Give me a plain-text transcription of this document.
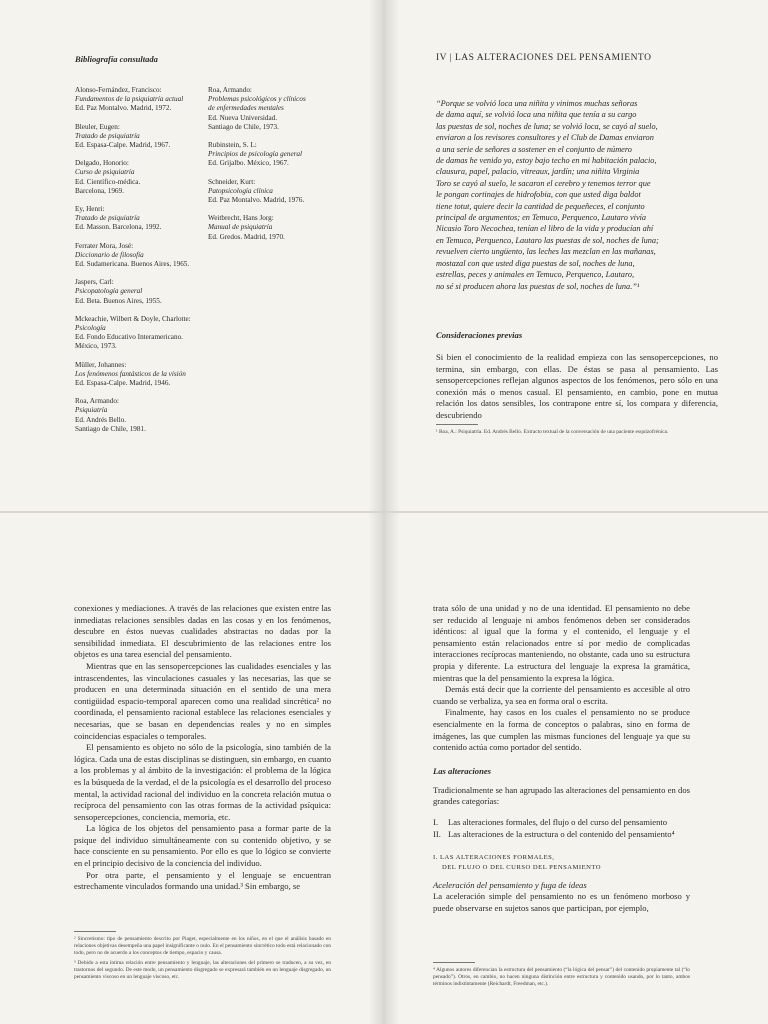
Bibliografía consultada
Alonso-Fernández, Francisco:
Fundamentos de la psiquiatría actual
Ed. Paz Montalvo. Madrid, 1972.
Bleuler, Eugen:
Tratado de psiquiatría
Ed. Espasa-Calpe. Madrid, 1967.
Delgado, Honorio:
Curso de psiquiatría
Ed. Científico-médica.
Barcelona, 1969.
Ey, Henri:
Tratado de psiquiatría
Ed. Masson. Barcelona, 1992.
Ferrater Mora, José:
Diccionario de filosofía
Ed. Sudamericana. Buenos Aires, 1965.
Jaspers, Carl:
Psicopatología general
Ed. Beta. Buenos Aires, 1955.
Mckeachie, Wilbert & Doyle, Charlotte:
Psicología
Ed. Fondo Educativo Interamericano.
México, 1973.
Müller, Johannes:
Los fenómenos fantásticos de la visión
Ed. Espasa-Calpe. Madrid, 1946.
Roa, Armando:
Psiquiatría
Ed. Andrés Bello.
Santiago de Chile, 1981.
Roa, Armando:
Problemas psicológicos y clínicos
de enfermedades mentales
Ed. Nueva Universidad.
Santiago de Chile, 1973.
Rubinstein, S. L:
Principios de psicología general
Ed. Grijalbo. México, 1967.
Schneider, Kurt:
Patopsicología clínica
Ed. Paz Montalvo. Madrid, 1976.
Weitbrecht, Hans Jorg:
Manual de psiquiatría
Ed. Gredos. Madrid, 1970.
IV | LAS ALTERACIONES DEL PENSAMIENTO
“Porque se volvió loca una niñita y vinimos muchas señoras
de dama aquí, se volvió loca una niñita que tenía a su cargo
las puestas de sol, noches de luna; se volvió loca, se cayó al suelo,
enviaron a los revisores consultores y el Club de Damas enviaron
a una serie de señores a sostener en el conjunto de número
de damas he venido yo, estoy bajo techo en mi habitación palacio,
clausura, papel, palacio, vitreaux, jardín; una niñita Virginia
Toro se cayó al suelo, le sacaron el cerebro y tenemos terror que
le pongan cortinajes de hidrofobia, con que usted diga baldot
tiene totut, quiere decir la cantidad de pequeñeces, el conjunto
principal de argumentos; en Temuco, Perquenco, Lautaro vivía
Nicasio Toro Necochea, tenían el libro de la vida y producían ahí
en Temuco, Perquenco, Lautaro las puestas de sol, noches de luna;
revuelven cierto ungüento, las leches las mezclan en las mañanas,
mostazal con que usted diga puestas de sol, noches de luna,
estrellas, peces y animales en Temuco, Perquenco, Lautaro,
no sé si producen ahora las puestas de sol, noches de luna.”¹
Consideraciones previas

Si bien el conocimiento de la realidad empieza con las sensopercepciones, no termina, sin embargo, con ellas. De éstas se pasa al pensamiento. Las sensopercepciones reflejan algunos aspectos de los fenómenos, pero sólo en una conexión más o menos casual. El pensamiento, en cambio, pone en mutua relación los datos sensibles, los contrapone entre sí, los compara y diferencia, descubriendo

¹ Roa, A.: Psiquiatría. Ed. Andrés Bello. Extracto textual de la conversación de una paciente esquizofrénica.

conexiones y mediaciones. A través de las relaciones que existen entre las inmediatas relaciones sensibles dadas en las cosas y en los fenómenos, descubre en éstos nuevas cualidades abstractas no dadas por la sensibilidad inmediata. El descubrimiento de las relaciones entre los objetos es una tarea esencial del pensamiento.

Mientras que en las sensopercepciones las cualidades esenciales y las intrascendentes, las vinculaciones casuales y las necesarias, las que se producen en una determinada situación en el sentido de una mera contigüidad espacio-temporal aparecen como una realidad sincrética² no coordinada, el pensamiento racional establece las relaciones esenciales y necesarias, que se basan en dependencias reales y no en simples coincidencias espaciales o temporales.

El pensamiento es objeto no sólo de la psicología, sino también de la lógica. Cada una de estas disciplinas se distinguen, sin embargo, en cuanto a los problemas y al ámbito de la investigación: el problema de la lógica es la búsqueda de la verdad, el de la psicología es el desarrollo del proceso mental, la actividad racional del individuo en la concreta relación mutua o recíproca del pensamiento con las otras formas de la actividad psíquica: sensopercepciones, conciencia, memoria, etc.

La lógica de los objetos del pensamiento pasa a formar parte de la psique del individuo simultáneamente con su contenido objetivo, y se hace consciente en su pensamiento. Por ello es que lo lógico se convierte en el principio decisivo de la conciencia del individuo.

Por otra parte, el pensamiento y el lenguaje se encuentran estrechamente vinculados formando una unidad.³ Sin embargo, se

² Sincretismo: tipo de pensamiento descrito por Piaget, especialmente en los niños, en el que el análisis basado en relaciones objetivas desempeña una papel insignificante o nulo. En el pensamiento sincrético todo está relacionado con todo, pero no de acuerdo a los conceptos de tiempo, espacio y causa.
³ Debido a esta íntima relación entre pensamiento y lenguaje, las alteraciones del primero se traducen, a su vez, en trastornos del segundo. De este modo, un pensamiento disgregado se expresará también en un lenguaje disgregado, un pensamiento viscoso en un lenguaje viscoso, etc.

trata sólo de una unidad y no de una identidad. El pensamiento no debe ser reducido al lenguaje ni ambos fenómenos deben ser considerados idénticos: al igual que la forma y el contenido, el lenguaje y el pensamiento están relacionados entre sí por medio de complicadas interacciones recíprocas manteniendo, no obstante, cada uno su estructura propia y diferente. La estructura del lenguaje la expresa la gramática, mientras que la del pensamiento la expresa la lógica.

Demás está decir que la corriente del pensamiento es accesible al otro cuando se verbaliza, ya sea en forma oral o escrita.

Finalmente, hay casos en los cuales el pensamiento no se produce esencialmente en la forma de conceptos o palabras, sino en forma de imágenes, las que cumplen las mismas funciones del lenguaje ya que su contenido actúa como portador del sentido.

Las alteraciones

Tradicionalmente se han agrupado las alteraciones del pensamiento en dos grandes categorías:

I.	Las alteraciones formales, del flujo o del curso del pensamiento
II. Las alteraciones de la estructura o del contenido del pensamiento⁴
I. LAS ALTERACIONES FORMALES,
DEL FLUJO O DEL CURSO DEL PENSAMIENTO
Aceleración del pensamiento y fuga de ideas

La aceleración simple del pensamiento no es un fenómeno morboso y puede observarse en sujetos sanos que participan, por ejemplo,

⁴ Algunos autores diferencian la estructura del pensamiento (“la lógica del pensar”) del contenido propiamente tal (“lo pensado”). Otros, en cambio, no hacen ninguna distinción entre estructura y contenido usando, por lo tanto, ambos términos indistintamente (Reichardt, Freedman, etc.).
